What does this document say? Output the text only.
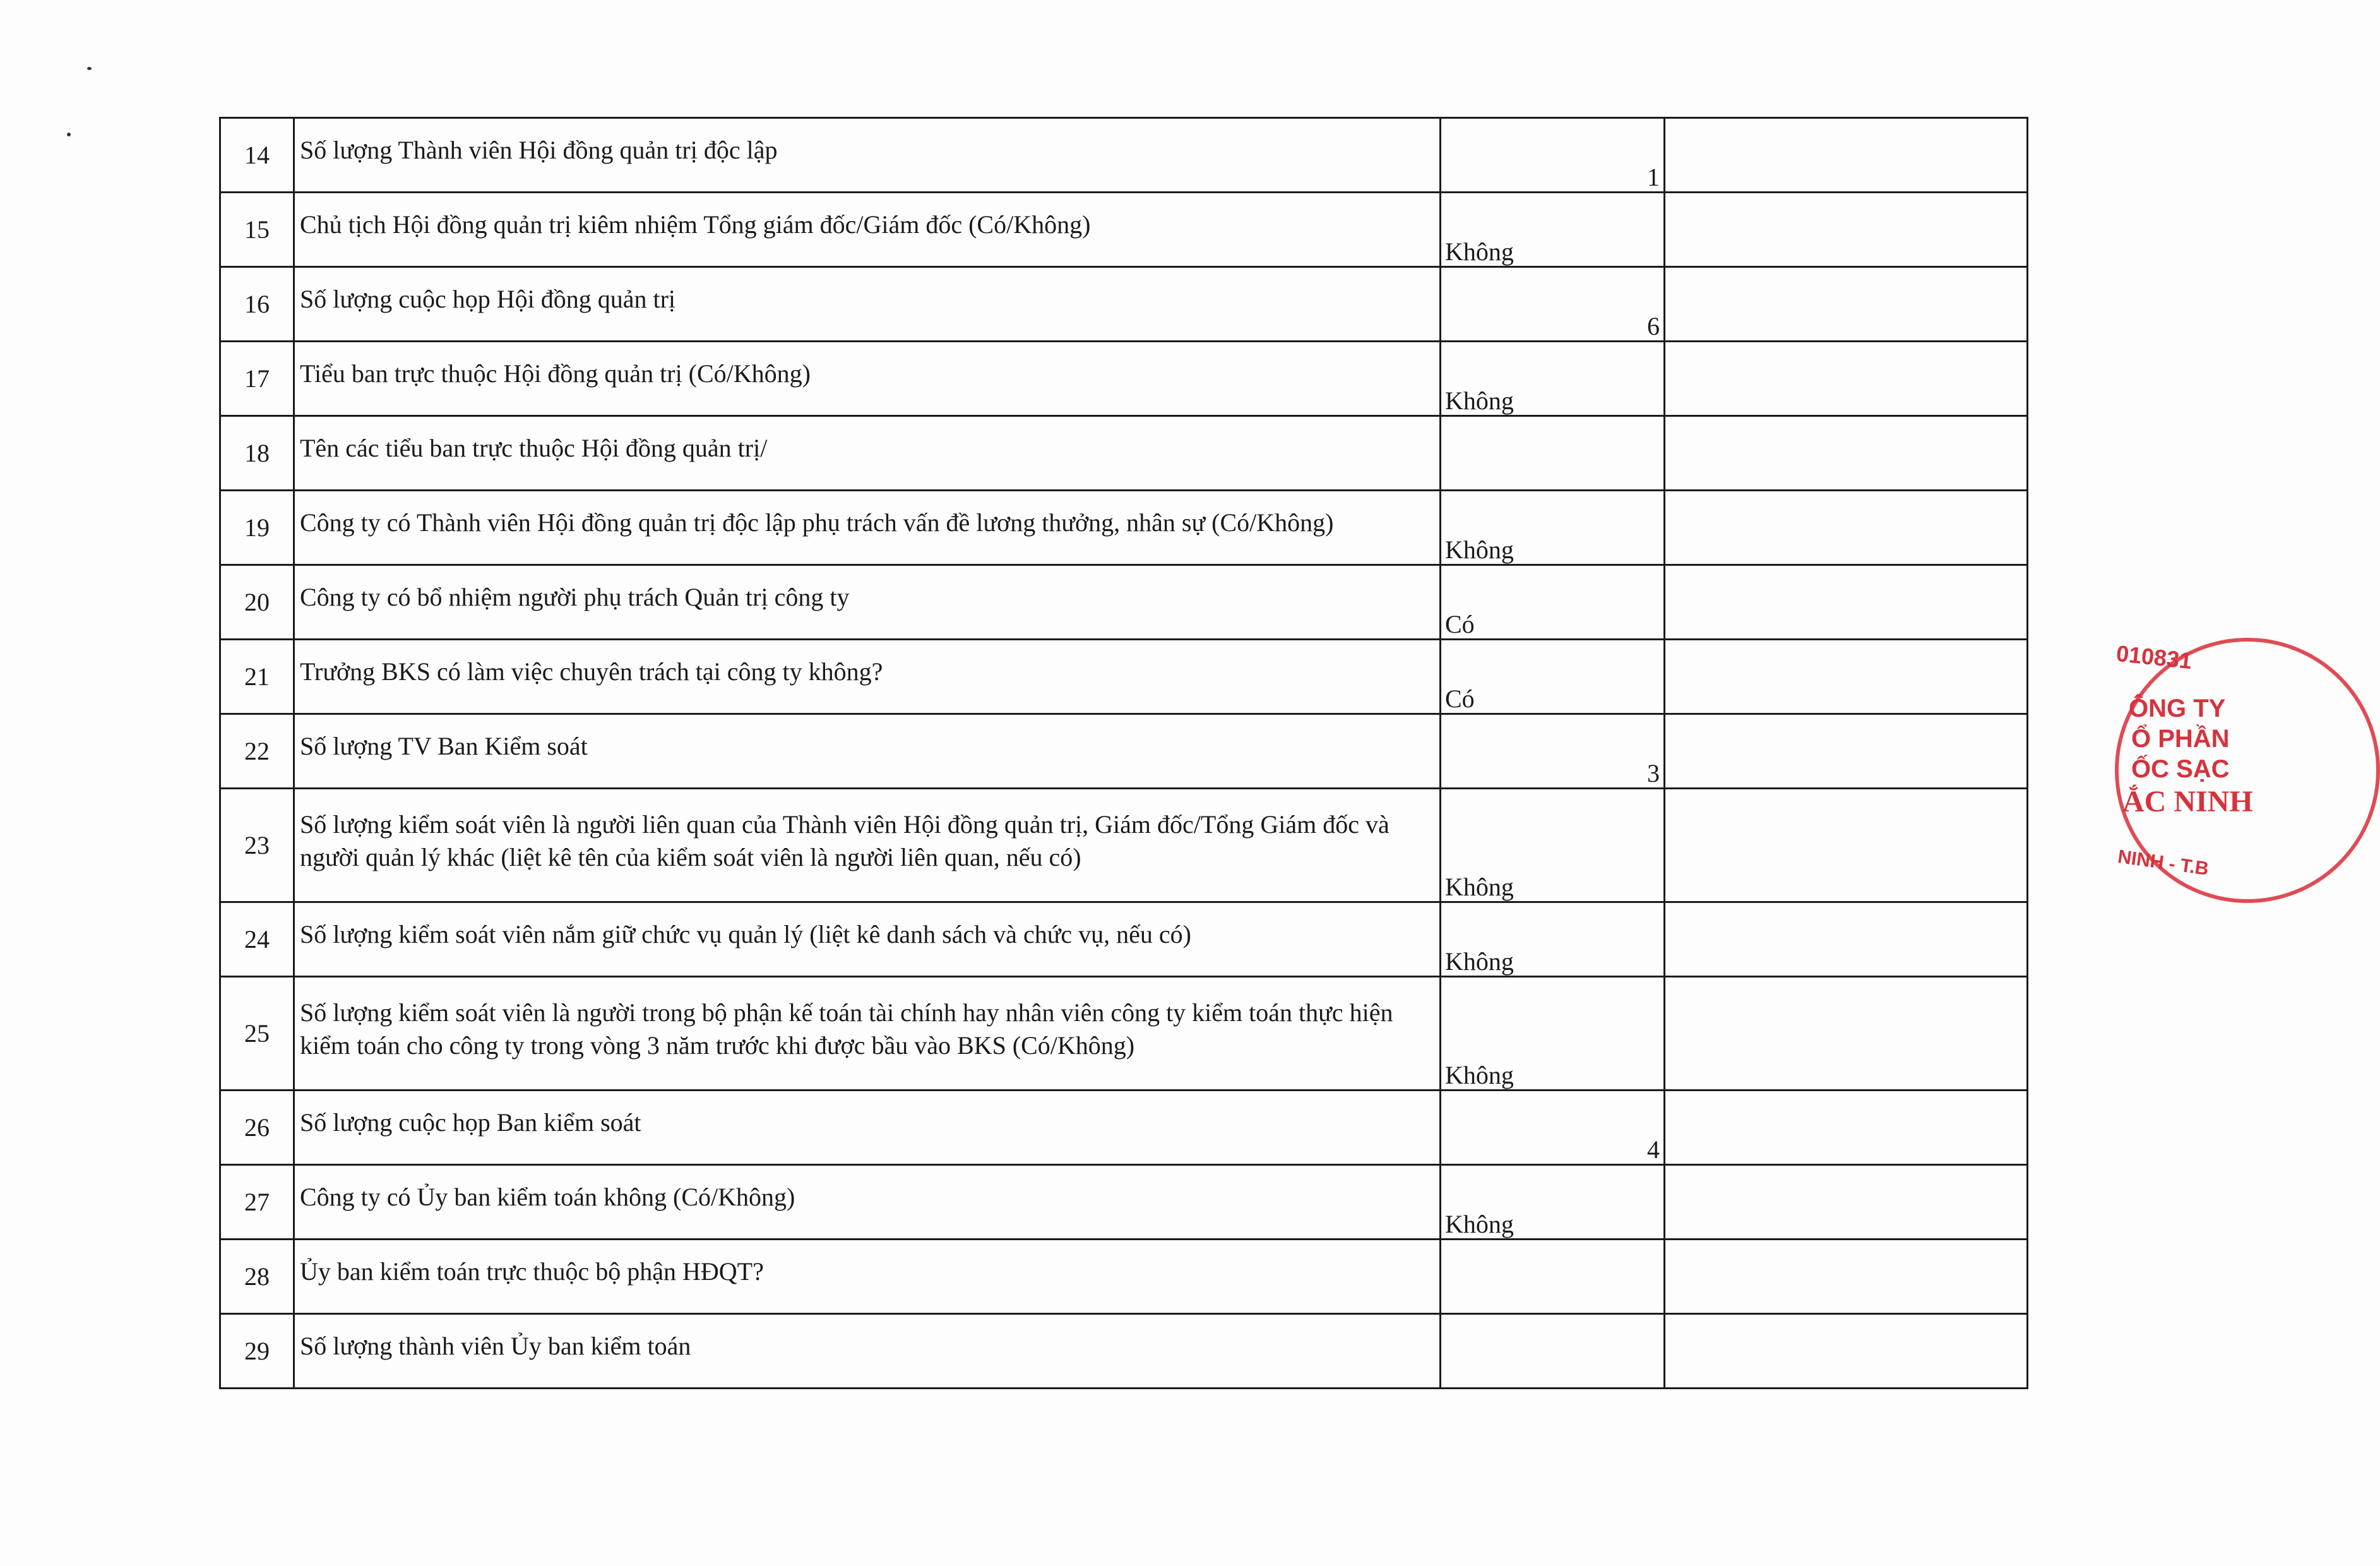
14	Số lượng Thành viên Hội đồng quản trị độc lập	1	

15	Chủ tịch Hội đồng quản trị kiêm nhiệm Tổng giám đốc/Giám đốc (Có/Không)	Không	

16	Số lượng cuộc họp Hội đồng quản trị	6	

17	Tiểu ban trực thuộc Hội đồng quản trị (Có/Không)	Không	

18	Tên các tiểu ban trực thuộc Hội đồng quản trị/	

19	Công ty có Thành viên Hội đồng quản trị độc lập phụ trách vấn đề lương thưởng, nhân sự (Có/Không)	Không	

20	Công ty có bổ nhiệm người phụ trách Quản trị công ty	Có	

21	Trưởng BKS có làm việc chuyên trách tại công ty không?	Có	

22	Số lượng TV Ban Kiểm soát	3	

23	Số lượng kiểm soát viên là người liên quan của Thành viên Hội đồng quản trị, Giám đốc/Tổng Giám đốc và người quản lý khác (liệt kê tên của kiểm soát viên là người liên quan, nếu có)	Không	

24	Số lượng kiểm soát viên nắm giữ chức vụ quản lý (liệt kê danh sách và chức vụ, nếu có)	Không	

25	Số lượng kiểm soát viên là người trong bộ phận kế toán tài chính hay nhân viên công ty kiểm toán thực hiện kiểm toán cho công ty trong vòng 3 năm trước khi được bầu vào BKS (Có/Không)	Không	

26	Số lượng cuộc họp Ban kiểm soát	4	

27	Công ty có Ủy ban kiểm toán không (Có/Không)	Không	

28	Ủy ban kiểm toán trực thuộc bộ phận HĐQT?	

29	Số lượng thành viên Ủy ban kiểm toán	

010831
ÔNG TY
Ổ PHẦN
ỐC SẠC
ẮC NINH
NINH - T.B
